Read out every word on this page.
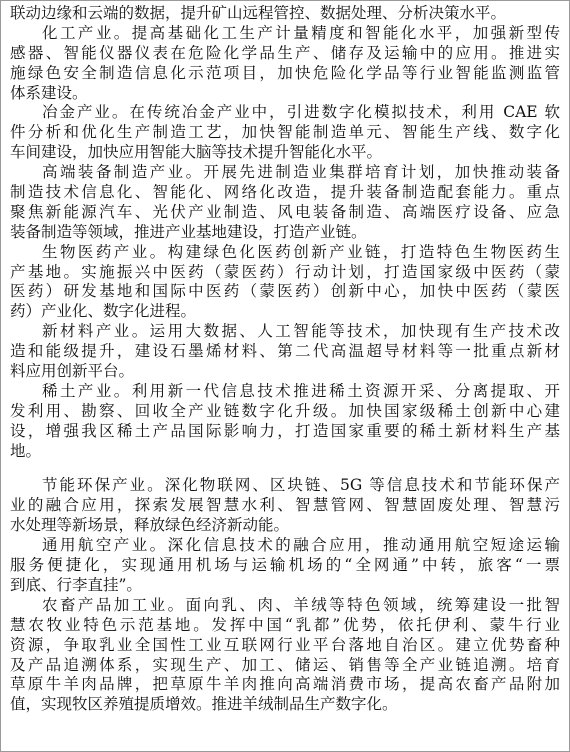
联动边缘和云端的数据，提升矿山远程管控、数据处理、分析决策水平。
化工产业。提高基础化工生产计量精度和智能化水平，加强新型传
感器、智能仪器仪表在危险化学品生产、储存及运输中的应用。推进实
施绿色安全制造信息化示范项目，加快危险化学品等行业智能监测监管
体系建设。
冶金产业。在传统冶金产业中，引进数字化模拟技术，利用 CAE 软
件分析和优化生产制造工艺，加快智能制造单元、智能生产线、数字化
车间建设，加快应用智能大脑等技术提升智能化水平。
高端装备制造产业。开展先进制造业集群培育计划，加快推动装备
制造技术信息化、智能化、网络化改造，提升装备制造配套能力。重点
聚焦新能源汽车、光伏产业制造、风电装备制造、高端医疗设备、应急
装备制造等领域，推进产业基地建设，打造产业链。
生物医药产业。构建绿色化医药创新产业链，打造特色生物医药生
产基地。实施振兴中医药（蒙医药）行动计划，打造国家级中医药（蒙
医药）研发基地和国际中医药（蒙医药）创新中心，加快中医药（蒙医
药）产业化、数字化进程。
新材料产业。运用大数据、人工智能等技术，加快现有生产技术改
造和能级提升，建设石墨烯材料、第二代高温超导材料等一批重点新材
料应用创新平台。
稀土产业。利用新一代信息技术推进稀土资源开采、分离提取、开
发利用、勘察、回收全产业链数字化升级。加快国家级稀土创新中心建
设，增强我区稀土产品国际影响力，打造国家重要的稀土新材料生产基
地。
节能环保产业。深化物联网、区块链、5G 等信息技术和节能环保产
业的融合应用，探索发展智慧水利、智慧管网、智慧固废处理、智慧污
水处理等新场景，释放绿色经济新动能。
通用航空产业。深化信息技术的融合应用，推动通用航空短途运输
服务便捷化，实现通用机场与运输机场的“全网通”中转，旅客“一票
到底、行李直挂”。
农畜产品加工业。面向乳、肉、羊绒等特色领域，统筹建设一批智
慧农牧业特色示范基地。发挥中国“乳都”优势，依托伊利、蒙牛行业
资源，争取乳业全国性工业互联网行业平台落地自治区。建立优势畜种
及产品追溯体系，实现生产、加工、储运、销售等全产业链追溯。培育
草原牛羊肉品牌，把草原牛羊肉推向高端消费市场，提高农畜产品附加
值，实现牧区养殖提质增效。推进羊绒制品生产数字化。
